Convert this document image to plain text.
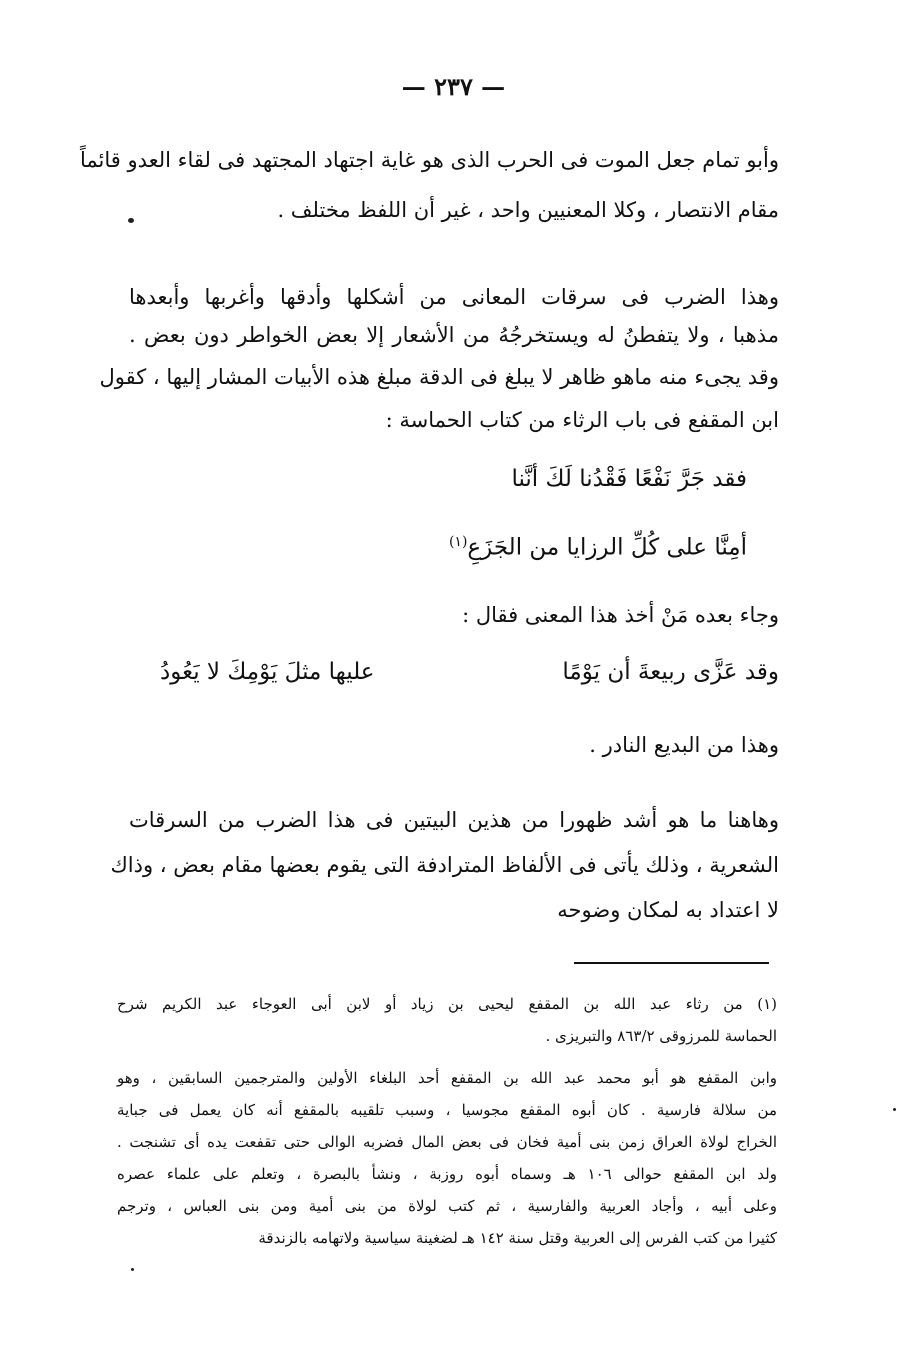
— ٢٣٧ —
وأبو تمام جعل الموت فى الحرب الذى هو غاية اجتهاد المجتهد فى لقاء العدو قائماً
مقام الانتصار ، وكلا المعنيين واحد ، غير أن اللفظ مختلف .
وهذا الضرب فى سرقات المعانى من أشكلها وأدقها وأغربها وأبعدها
مذهبا ، ولا يتفطنُ له ويستخرجُهُ من الأشعار إلا بعض الخواطر دون بعض .
وقد يجىء منه ماهو ظاهر لا يبلغ فى الدقة مبلغ هذه الأبيات المشار إليها ، كقول
ابن المقفع فى باب الرثاء من كتاب الحماسة :
فقد جَرَّ نَفْعًا فَقْدُنا لَكَ أنَّنا
أمِنَّا على كُلِّ الرزايا من الجَزَعِ$^{(١)}$
وجاء بعده مَنْ أخذ هذا المعنى فقال :
وقد عَزَّى ربيعةَ أن يَوْمًا
عليها مثلَ يَوْمِكَ لا يَعُودُ
وهذا من البديع النادر .
وهاهنا ما هو أشد ظهورا من هذين البيتين فى هذا الضرب من السرقات
الشعرية ، وذلك يأتى فى الألفاظ المترادفة التى يقوم بعضها مقام بعض ، وذاك
لا اعتداد به لمكان وضوحه
(١) من رثاء عبد الله بن المقفع ليحيى بن زياد أو لابن أبى العوجاء عبد الكريم شرح
الحماسة للمرزوقى ٨٦٣/٢ والتبريزى .
وابن المقفع هو أبو محمد عبد الله بن المقفع أحد البلغاء الأولين والمترجمين السابقين ، وهو
من سلالة فارسية . كان أبوه المقفع مجوسيا ، وسبب تلقيبه بالمقفع أنه كان يعمل فى جباية
الخراج لولاة العراق زمن بنى أمية فخان فى بعض المال فضربه الوالى حتى تقفعت يده أى تشنجت .
ولد ابن المقفع حوالى ١٠٦ هـ وسماه أبوه روزبة ، ونشأ بالبصرة ، وتعلم على علماء عصره
وعلى أبيه ، وأجاد العربية والفارسية ، ثم كتب لولاة من بنى أمية ومن بنى العباس ، وترجم
كثيرا من كتب الفرس إلى العربية وقتل سنة ١٤٢ هـ لضغينة سياسية ولاتهامه بالزندقة
